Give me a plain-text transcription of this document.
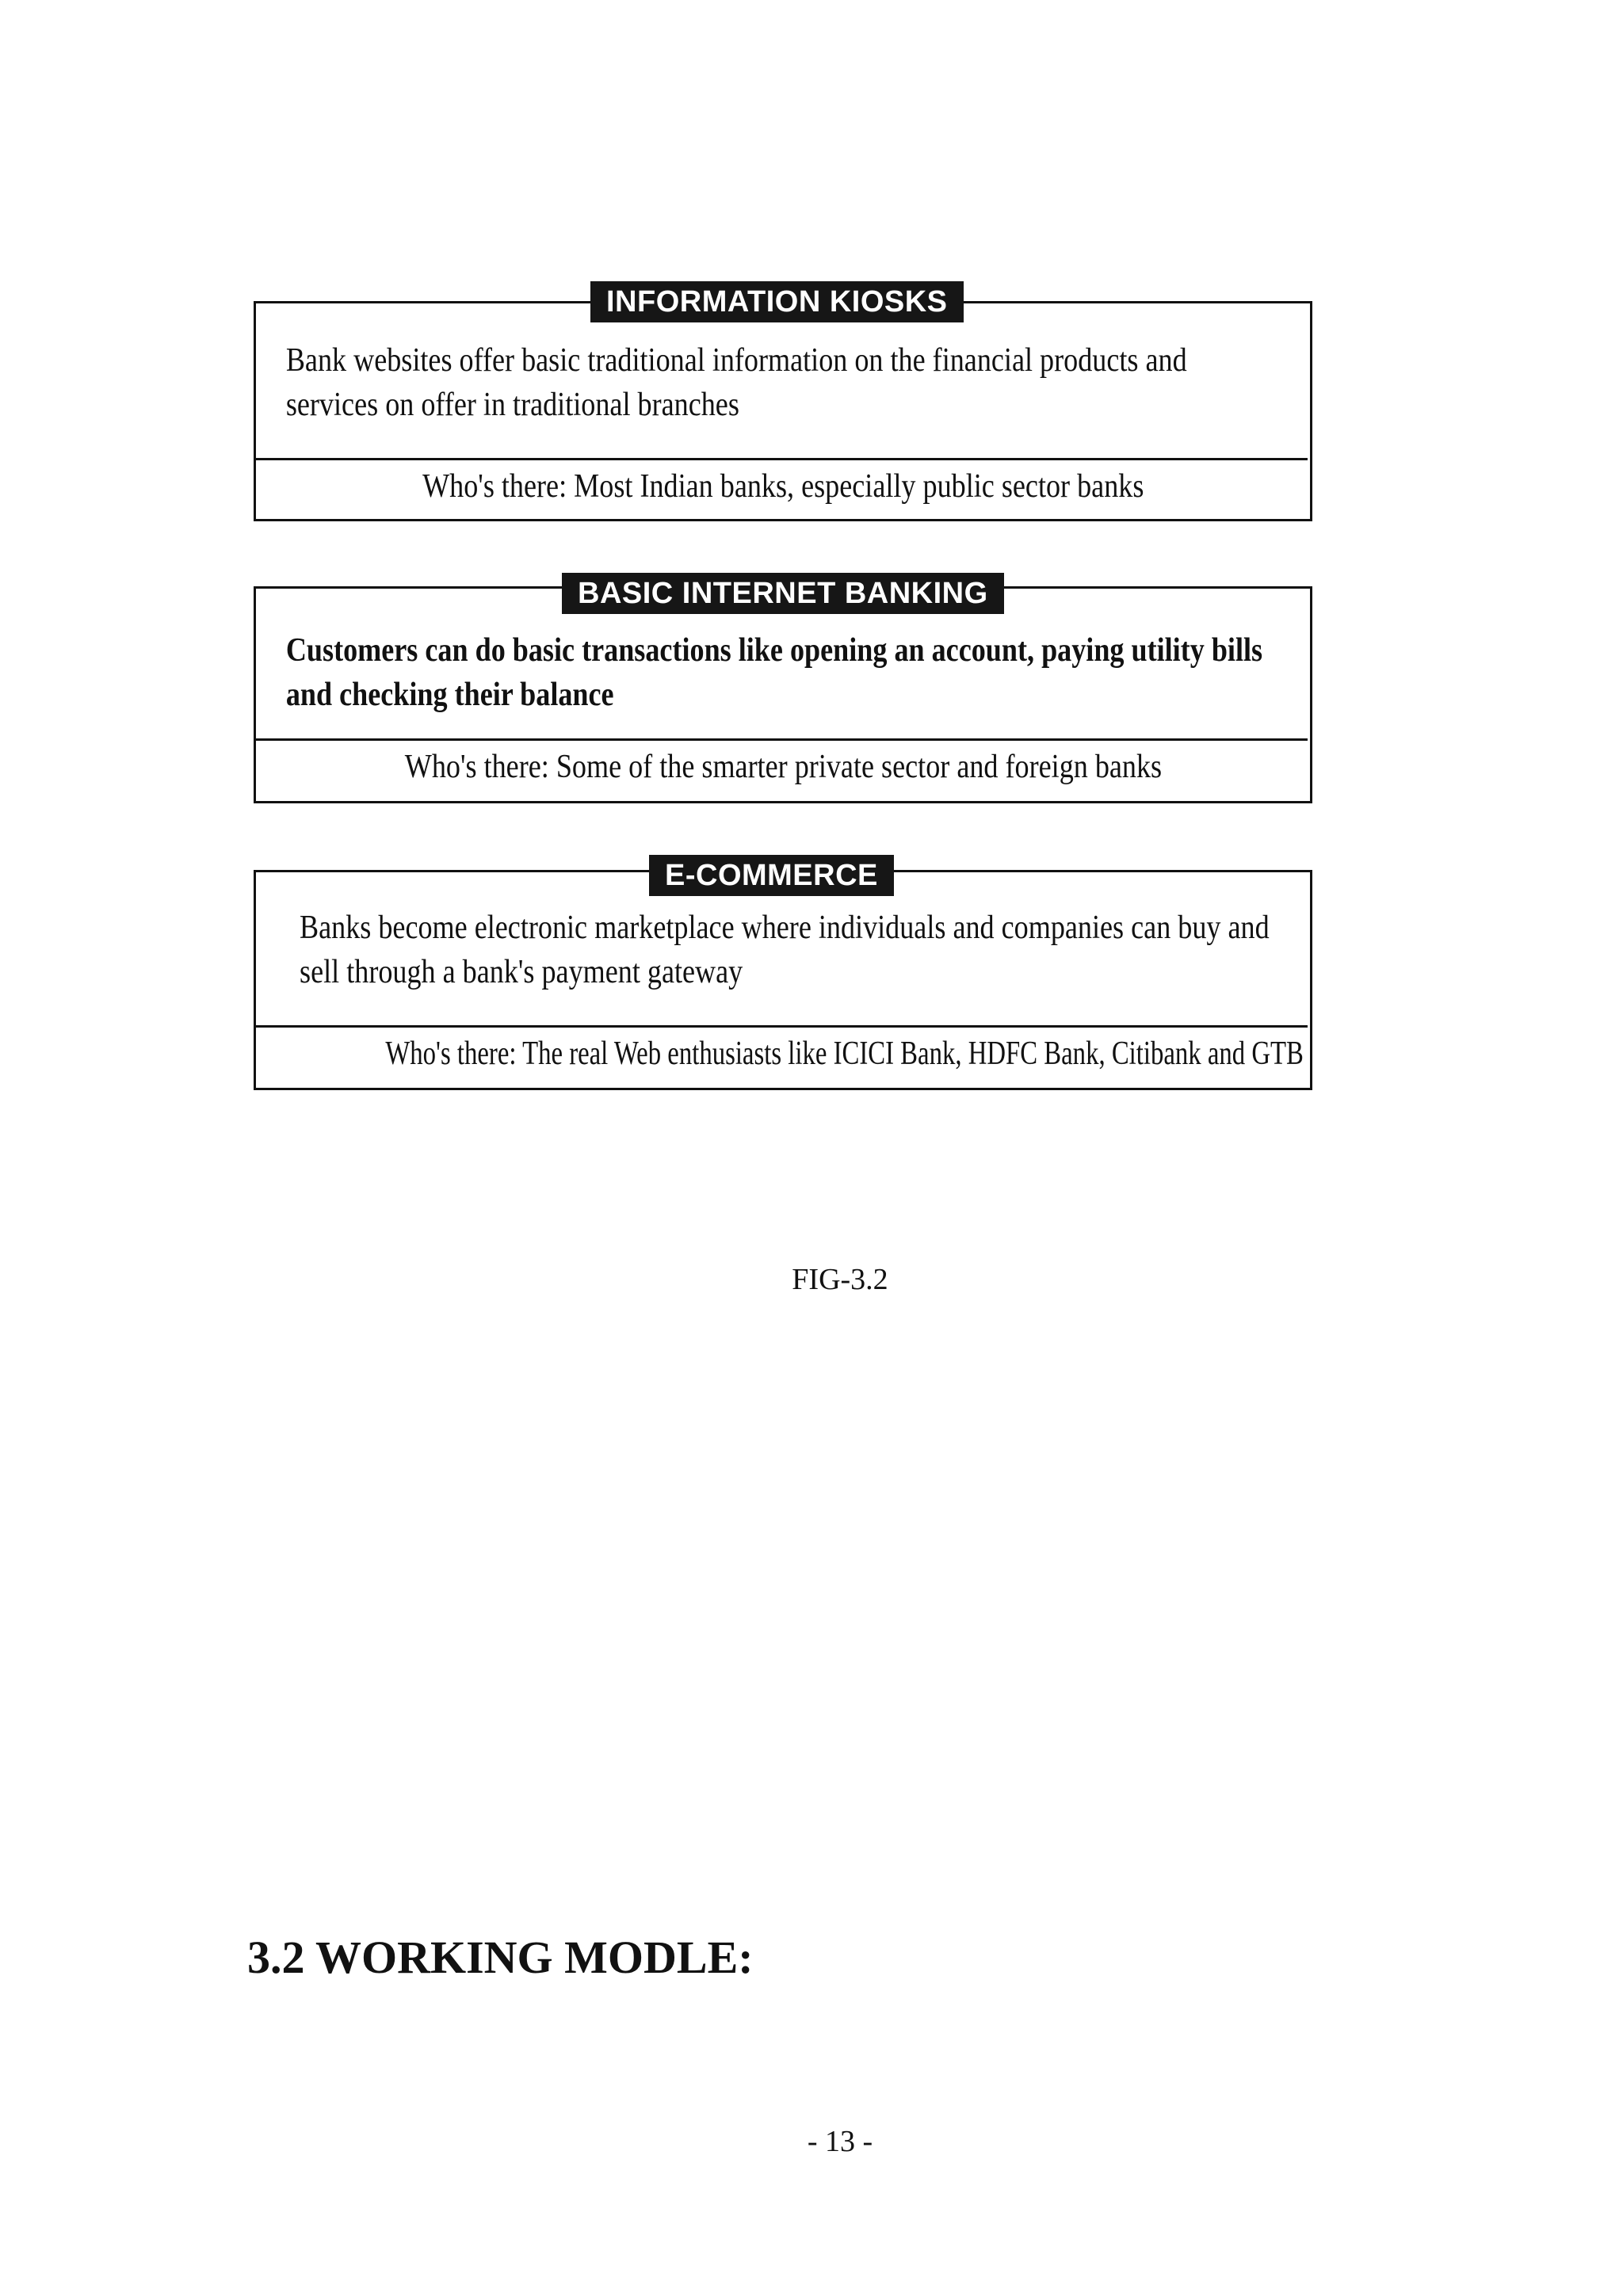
INFORMATION KIOSKS
Bank websites offer basic traditional information on the financial products and services on offer in traditional branches
Who's there: Most Indian banks, especially public sector banks
BASIC INTERNET BANKING
Customers can do basic transactions like opening an account, paying utility bills and checking their balance
Who's there: Some of the smarter private sector and foreign banks
E-COMMERCE
Banks become electronic marketplace where individuals and companies can buy and sell through a bank's payment gateway
Who's there: The real Web enthusiasts like ICICI Bank, HDFC Bank, Citibank and GTB
FIG-3.2
3.2 WORKING MODLE:
- 13 -
